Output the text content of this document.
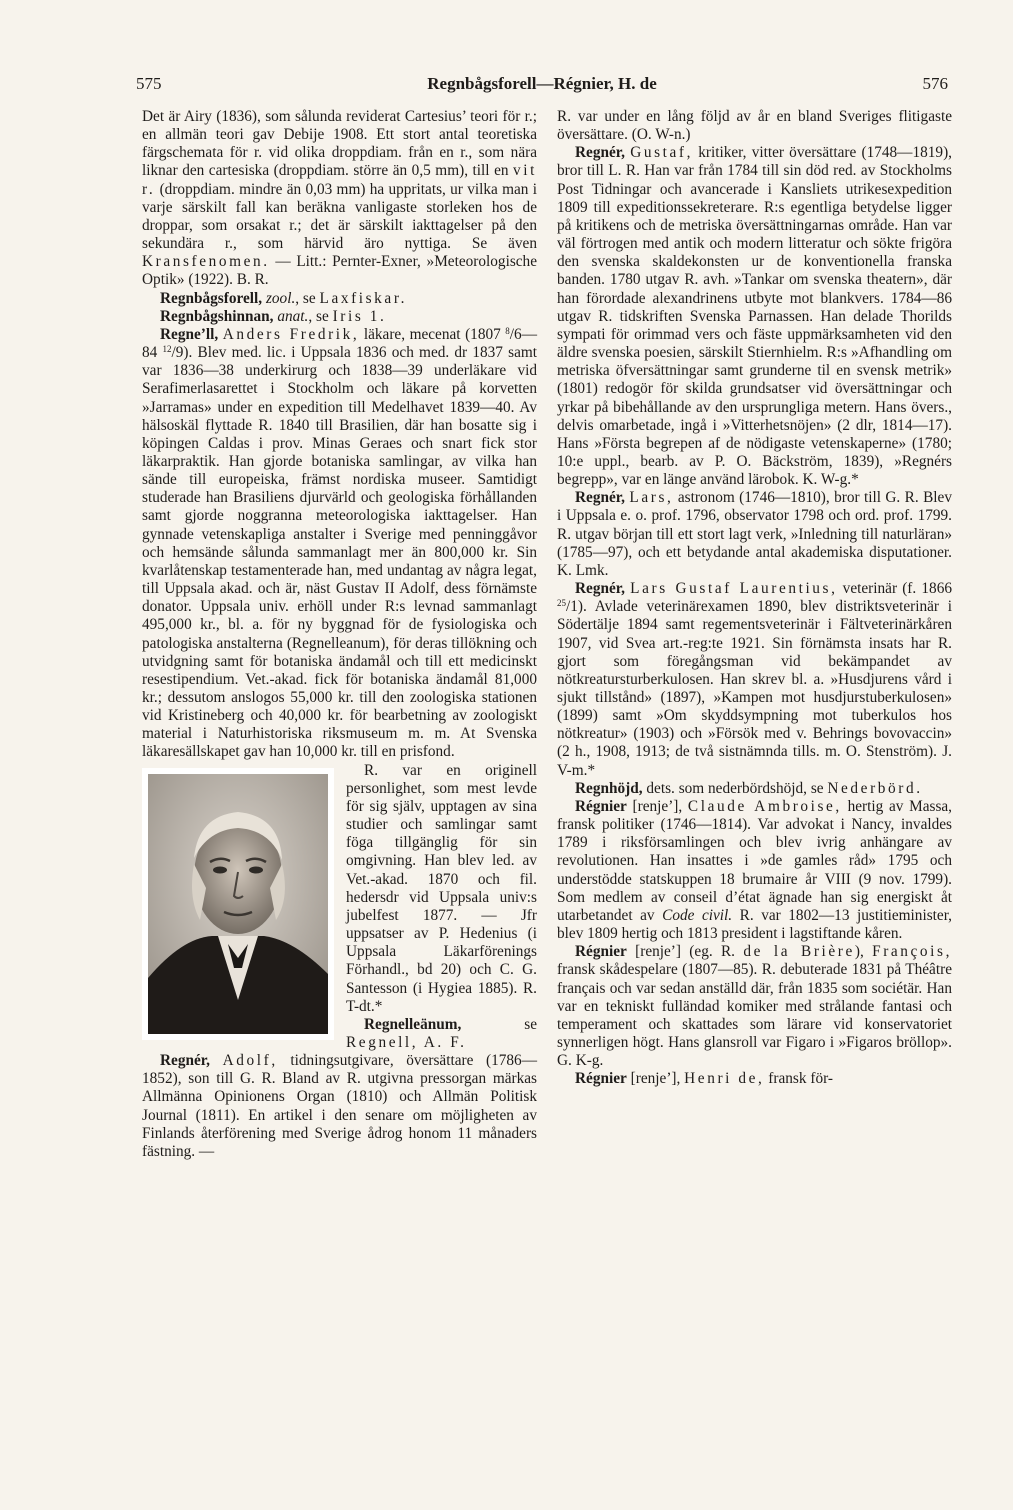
575	Regnbågsforell—Régnier, H. de	576

Det är Airy (1836), som sålunda reviderat Cartesius’ teori för r.; en allmän teori gav Debije 1908. Ett stort antal teoretiska färgschemata för r. vid olika droppdiam. från en r., som nära liknar den cartesiska (droppdiam. större än 0,5 mm), till en vit r. (droppdiam. mindre än 0,03 mm) ha uppritats, ur vilka man i varje särskilt fall kan beräkna vanligaste storleken hos de droppar, som orsakat r.; det är särskilt iakttagelser på den sekundära r., som härvid äro nyttiga. Se även Kransfenomen. — Litt.: Pernter-Exner, »Meteorologische Optik» (1922). B. R.

Regnbågsforell, zool., se Laxfiskar.

Regnbågshinnan, anat., se Iris 1.

Regne’ll, Anders Fredrik, läkare, mecenat (1807 $^8$/6—84 $^{12}$/9). Blev med. lic. i Uppsala 1836 och med. dr 1837 samt var 1836—38 underkirurg och 1838—39 underläkare vid Serafimerlasarettet i Stockholm och läkare på korvetten »Jarramas» under en expedition till Medelhavet 1839—40. Av hälsoskäl flyttade R. 1840 till Brasilien, där han bosatte sig i köpingen Caldas i prov. Minas Geraes och snart fick stor läkarpraktik. Han gjorde botaniska samlingar, av vilka han sände till europeiska, främst nordiska museer. Samtidigt studerade han Brasiliens djurvärld och geologiska förhållanden samt gjorde noggranna meteorologiska iakttagelser. Han gynnade vetenskapliga anstalter i Sverige med penninggåvor och hemsände sålunda sammanlagt mer än 800,000 kr. Sin kvarlåtenskap testamenterade han, med undantag av några legat, till Uppsala akad. och är, näst Gustav II Adolf, dess förnämste donator. Uppsala univ. erhöll under R:s levnad sammanlagt 495,000 kr., bl. a. för ny byggnad för de fysiologiska och patologiska anstalterna (Regnelleanum), för deras tillökning och utvidgning samt för botaniska ändamål och till ett medicinskt resestipendium. Vet.-akad. fick för botaniska ändamål 81,000 kr.; dessutom anslogos 55,000 kr. till den zoologiska stationen vid Kristineberg och 40,000 kr. för bearbetning av zoologiskt material i Naturhistoriska riksmuseum m. m. At Svenska läkaresällskapet gav han 10,000 kr. till en prisfond.

R. var en originell personlighet, som mest levde för sig själv, upptagen av sina studier och samlingar samt föga tillgänglig för sin omgivning. Han blev led. av Vet.-akad. 1870 och fil. hedersdr vid Uppsala univ:s jubelfest 1877. — Jfr uppsatser av P. Hedenius (i Uppsala Läkarförenings Förhandl., bd 20) och C. G. Santesson (i Hygiea 1885). R. T-dt.*

Regnelleänum, se Regnell, A. F.

Regnér, Adolf, tidningsutgivare, översättare (1786—1852), son till G. R. Bland av R. utgivna pressorgan märkas Allmänna Opinionens Organ (1810) och Allmän Politisk Journal (1811). En artikel i den senare om möjligheten av Finlands återförening med Sverige ådrog honom 11 månaders fästning. —

R. var under en lång följd av år en bland Sveriges flitigaste översättare. (O. W-n.)

Regnér, Gustaf, kritiker, vitter översättare (1748—1819), bror till L. R. Han var från 1784 till sin död red. av Stockholms Post Tidningar och avancerade i Kansliets utrikesexpedition 1809 till expeditionssekreterare. R:s egentliga betydelse ligger på kritikens och de metriska översättningarnas område. Han var väl förtrogen med antik och modern litteratur och sökte frigöra den svenska skaldekonsten ur de konventionella franska banden. 1780 utgav R. avh. »Tankar om svenska theatern», där han förordade alexandrinens utbyte mot blankvers. 1784—86 utgav R. tidskriften Svenska Parnassen. Han delade Thorilds sympati för orimmad vers och fäste uppmärksamheten vid den äldre svenska poesien, särskilt Stiernhielm. R:s »Afhandling om metriska öfversättningar samt grunderne til en svensk metrik» (1801) redogör för skilda grundsatser vid översättningar och yrkar på bibehållande av den ursprungliga metern. Hans övers., delvis omarbetade, ingå i »Vitterhetsnöjen» (2 dlr, 1814—17). Hans »Första begrepen af de nödigaste vetenskaperne» (1780; 10:e uppl., bearb. av P. O. Bäckström, 1839), »Regnérs begrepp», var en länge använd lärobok. K. W-g.*

Regnér, Lars, astronom (1746—1810), bror till G. R. Blev i Uppsala e. o. prof. 1796, observator 1798 och ord. prof. 1799. R. utgav början till ett stort lagt verk, »Inledning till naturläran» (1785—97), och ett betydande antal akademiska disputationer. K. Lmk.

Regnér, Lars Gustaf Laurentius, veterinär (f. 1866 $^{25}$/1). Avlade veterinärexamen 1890, blev distriktsveterinär i Södertälje 1894 samt regementsveterinär i Fältveterinärkåren 1907, vid Svea art.-reg:te 1921. Sin förnämsta insats har R. gjort som föregångsman vid bekämpandet av nötkreatursturberkulosen. Han skrev bl. a. »Husdjurens vård i sjukt tillstånd» (1897), »Kampen mot husdjurstuberkulosen» (1899) samt »Om skyddsympning mot tuberkulos hos nötkreatur» (1903) och »Försök med v. Behrings bovovaccin» (2 h., 1908, 1913; de två sistnämnda tills. m. O. Stenström). J. V-m.*

Regnhöjd, dets. som nederbördshöjd, se Nederbörd.

Régnier [renje’], Claude Ambroise, hertig av Massa, fransk politiker (1746—1814). Var advokat i Nancy, invaldes 1789 i riksförsamlingen och blev ivrig anhängare av revolutionen. Han insattes i »de gamles råd» 1795 och understödde statskuppen 18 brumaire år VIII (9 nov. 1799). Som medlem av conseil d’état ägnade han sig energiskt åt utarbetandet av Code civil. R. var 1802—13 justitieminister, blev 1809 hertig och 1813 president i lagstiftande kåren.

Régnier [renje’] (eg. R. de la Brière), François, fransk skådespelare (1807—85). R. debuterade 1831 på Théâtre français och var sedan anställd där, från 1835 som sociétär. Han var en tekniskt fulländad komiker med strålande fantasi och temperament och skattades som lärare vid konservatoriet synnerligen högt. Hans glansroll var Figaro i »Figaros bröllop». G. K-g.

Régnier [renje’], Henri de, fransk för-
